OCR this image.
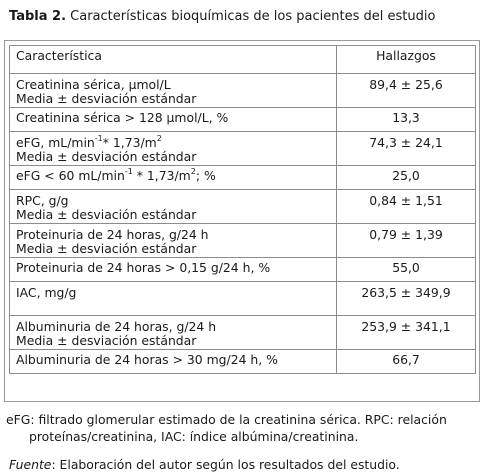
Tabla 2. Características bioquímicas de los pacientes del estudio
Característica	Hallazgos
Creatinina sérica, µmol/L
Media ± desviación estándar	89,4 ± 25,6
Creatinina sérica > 128 µmol/L, %	13,3
eFG, $mL/\min^{-1}*$ $1,73/m^2$
Media ± desviación estándar	74,3 ± 24,1
eFG < 60 $mL/\min^{-1} * 1,73/m^2$; %	25,0
RPC, g/g
Media ± desviación estándar	0,84 ± 1,51
Proteinuria de 24 horas, g/24 h
Media ± desviación estándar	0,79 ± 1,39
Proteinuria de 24 horas > 0,15 g/24 h, %	55,0
IAC, mg/g	263,5 ± 349,9
Albuminuria de 24 horas, g/24 h
Media ± desviación estándar	253,9 ± 341,1
Albuminuria de 24 horas > 30 mg/24 h, %	66,7
eFG: filtrado glomerular estimado de la creatinina sérica. RPC: relación
proteínas/creatinina, IAC: índice albúmina/creatinina.
Fuente: Elaboración del autor según los resultados del estudio.
